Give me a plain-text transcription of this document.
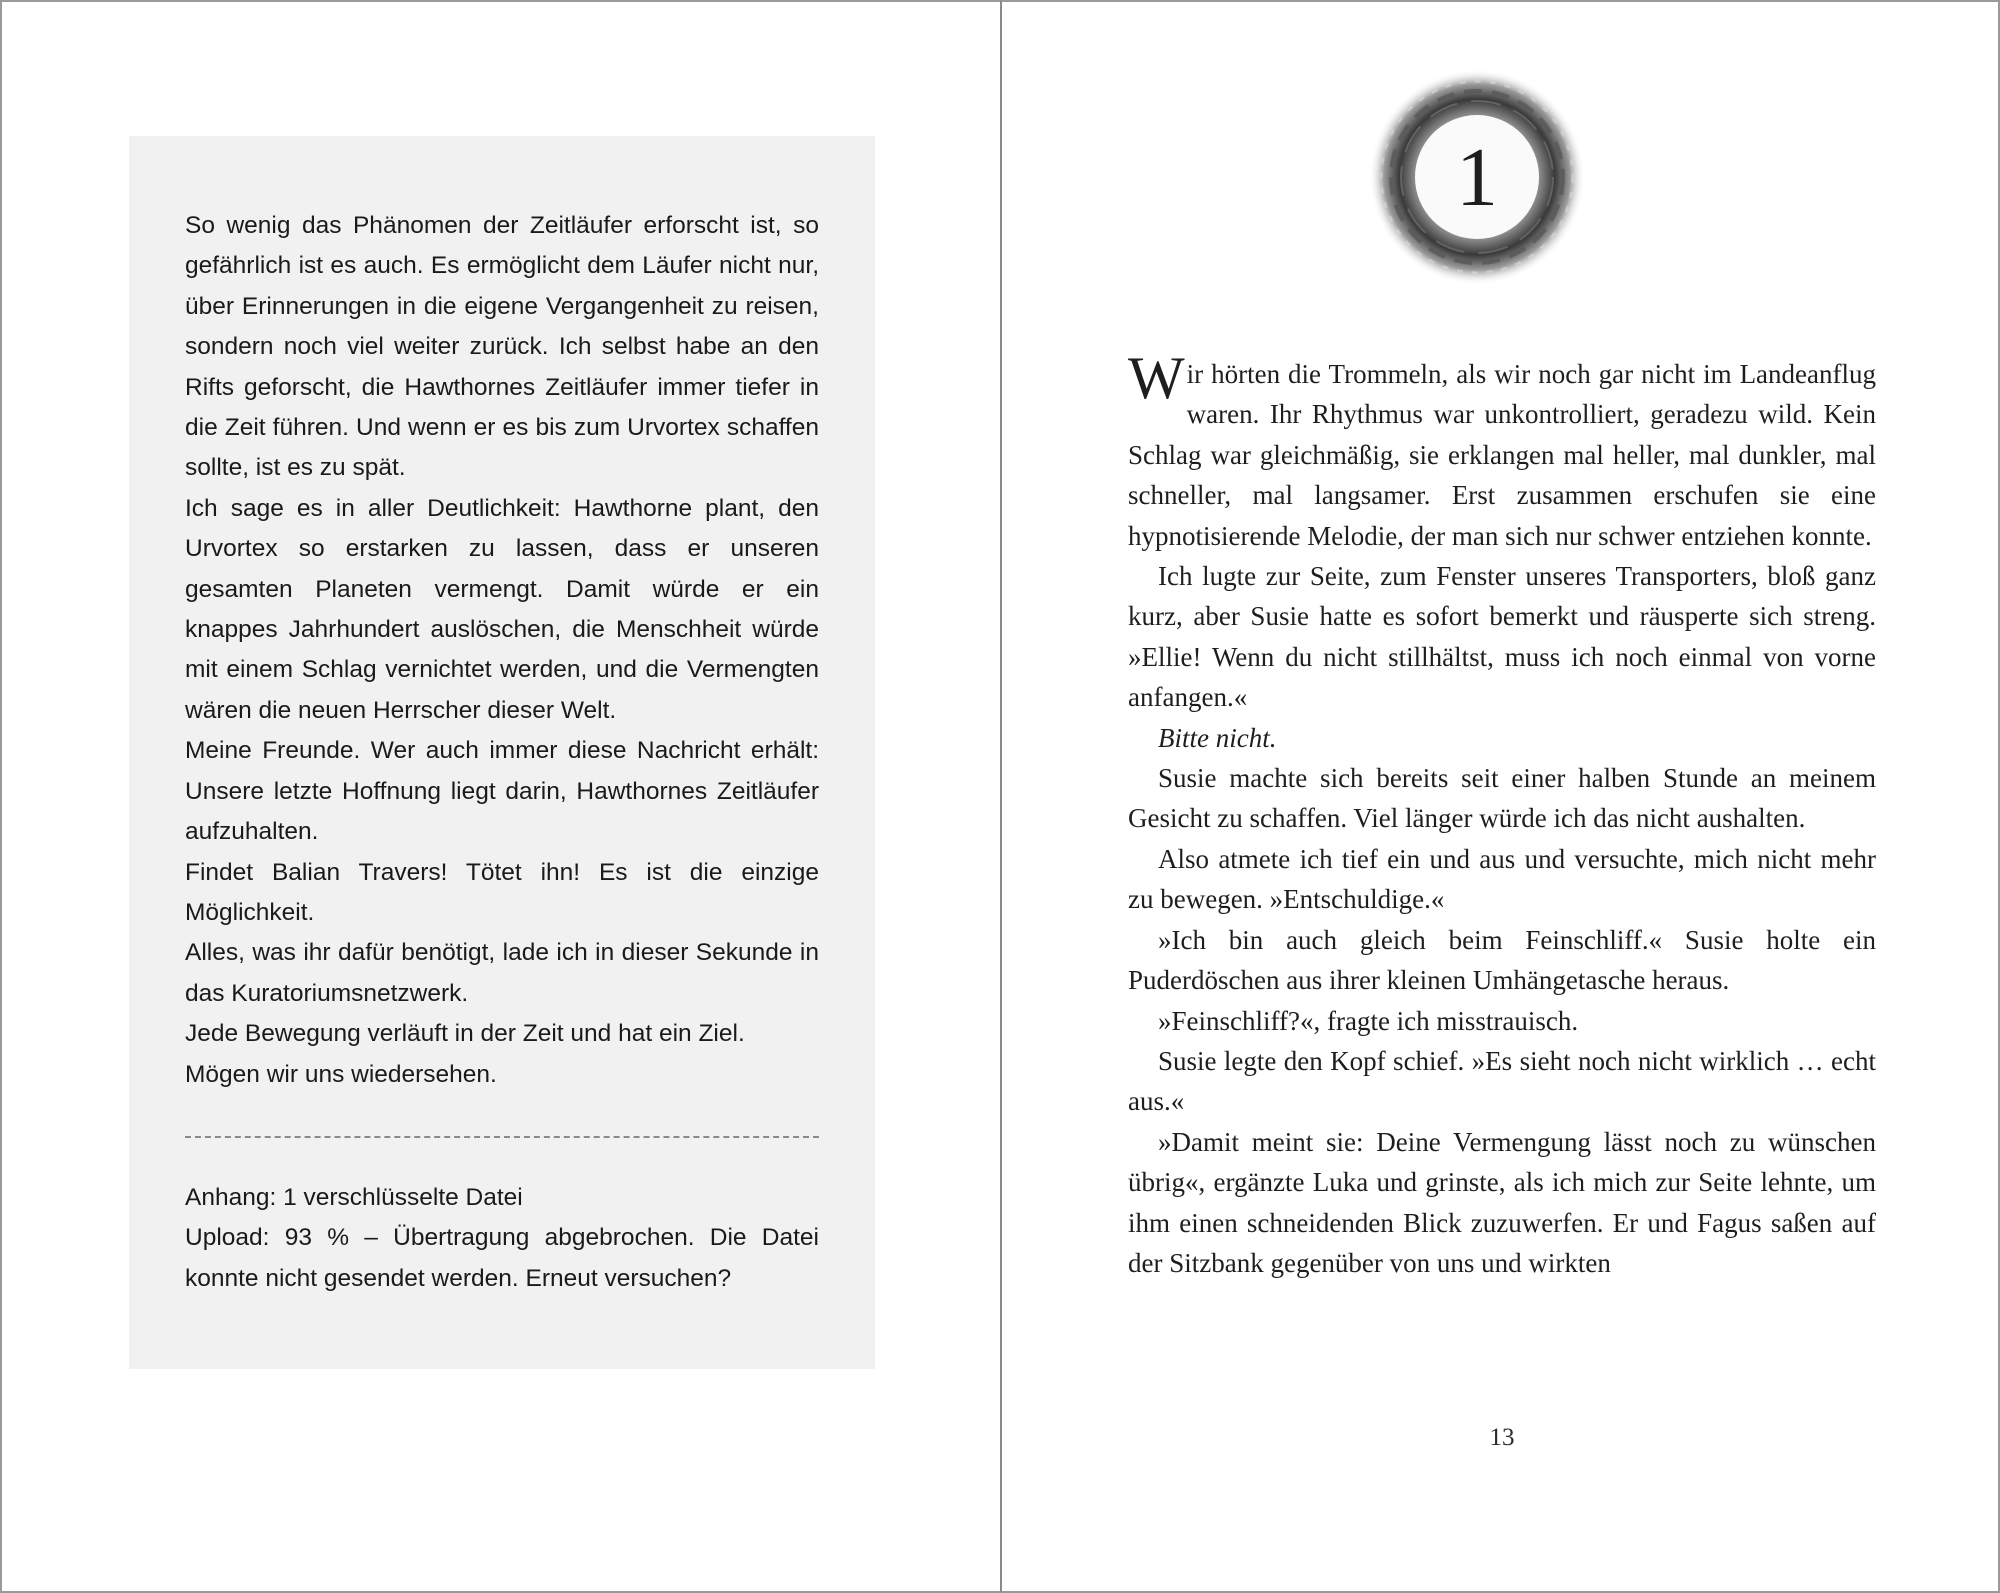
So wenig das Phänomen der Zeitläufer erforscht ist, so gefährlich ist es auch. Es ermöglicht dem Läufer nicht nur, über Erinnerungen in die eigene Vergangenheit zu reisen, sondern noch viel weiter zurück. Ich selbst habe an den Rifts geforscht, die Hawthornes Zeitläufer immer tiefer in die Zeit führen. Und wenn er es bis zum Urvortex schaffen sollte, ist es zu spät.

Ich sage es in aller Deutlichkeit: Hawthorne plant, den Urvortex so erstarken zu lassen, dass er unseren gesamten Planeten vermengt. Damit würde er ein knappes Jahrhundert auslöschen, die Menschheit würde mit einem Schlag vernichtet werden, und die Vermengten wären die neuen Herrscher dieser Welt.

Meine Freunde. Wer auch immer diese Nachricht erhält: Unsere letzte Hoffnung liegt darin, Hawthornes Zeitläufer aufzuhalten.

Findet Balian Travers! Tötet ihn! Es ist die einzige Möglichkeit.

Alles, was ihr dafür benötigt, lade ich in dieser Sekunde in das Kuratoriumsnetzwerk.

Jede Bewegung verläuft in der Zeit und hat ein Ziel.

Mögen wir uns wiedersehen.

Anhang: 1 verschlüsselte Datei

Upload: 93 % – Übertragung abgebrochen. Die Datei konnte nicht gesendet werden. Erneut versuchen?

1

Wir hörten die Trommeln, als wir noch gar nicht im Landeanflug waren. Ihr Rhythmus war unkontrolliert, geradezu wild. Kein Schlag war gleichmäßig, sie erklangen mal heller, mal dunkler, mal schneller, mal langsamer. Erst zusammen erschufen sie eine hypnotisierende Melodie, der man sich nur schwer entziehen konnte.

Ich lugte zur Seite, zum Fenster unseres Transporters, bloß ganz kurz, aber Susie hatte es sofort bemerkt und räusperte sich streng. »Ellie! Wenn du nicht stillhältst, muss ich noch einmal von vorne anfangen.«

Bitte nicht.

Susie machte sich bereits seit einer halben Stunde an meinem Gesicht zu schaffen. Viel länger würde ich das nicht aushalten.

Also atmete ich tief ein und aus und versuchte, mich nicht mehr zu bewegen. »Entschuldige.«

»Ich bin auch gleich beim Feinschliff.« Susie holte ein Puderdöschen aus ihrer kleinen Umhängetasche heraus.

»Feinschliff?«, fragte ich misstrauisch.

Susie legte den Kopf schief. »Es sieht noch nicht wirklich … echt aus.«

»Damit meint sie: Deine Vermengung lässt noch zu wünschen übrig«, ergänzte Luka und grinste, als ich mich zur Seite lehnte, um ihm einen schneidenden Blick zuzuwerfen. Er und Fagus saßen auf der Sitzbank gegenüber von uns und wirkten

13
